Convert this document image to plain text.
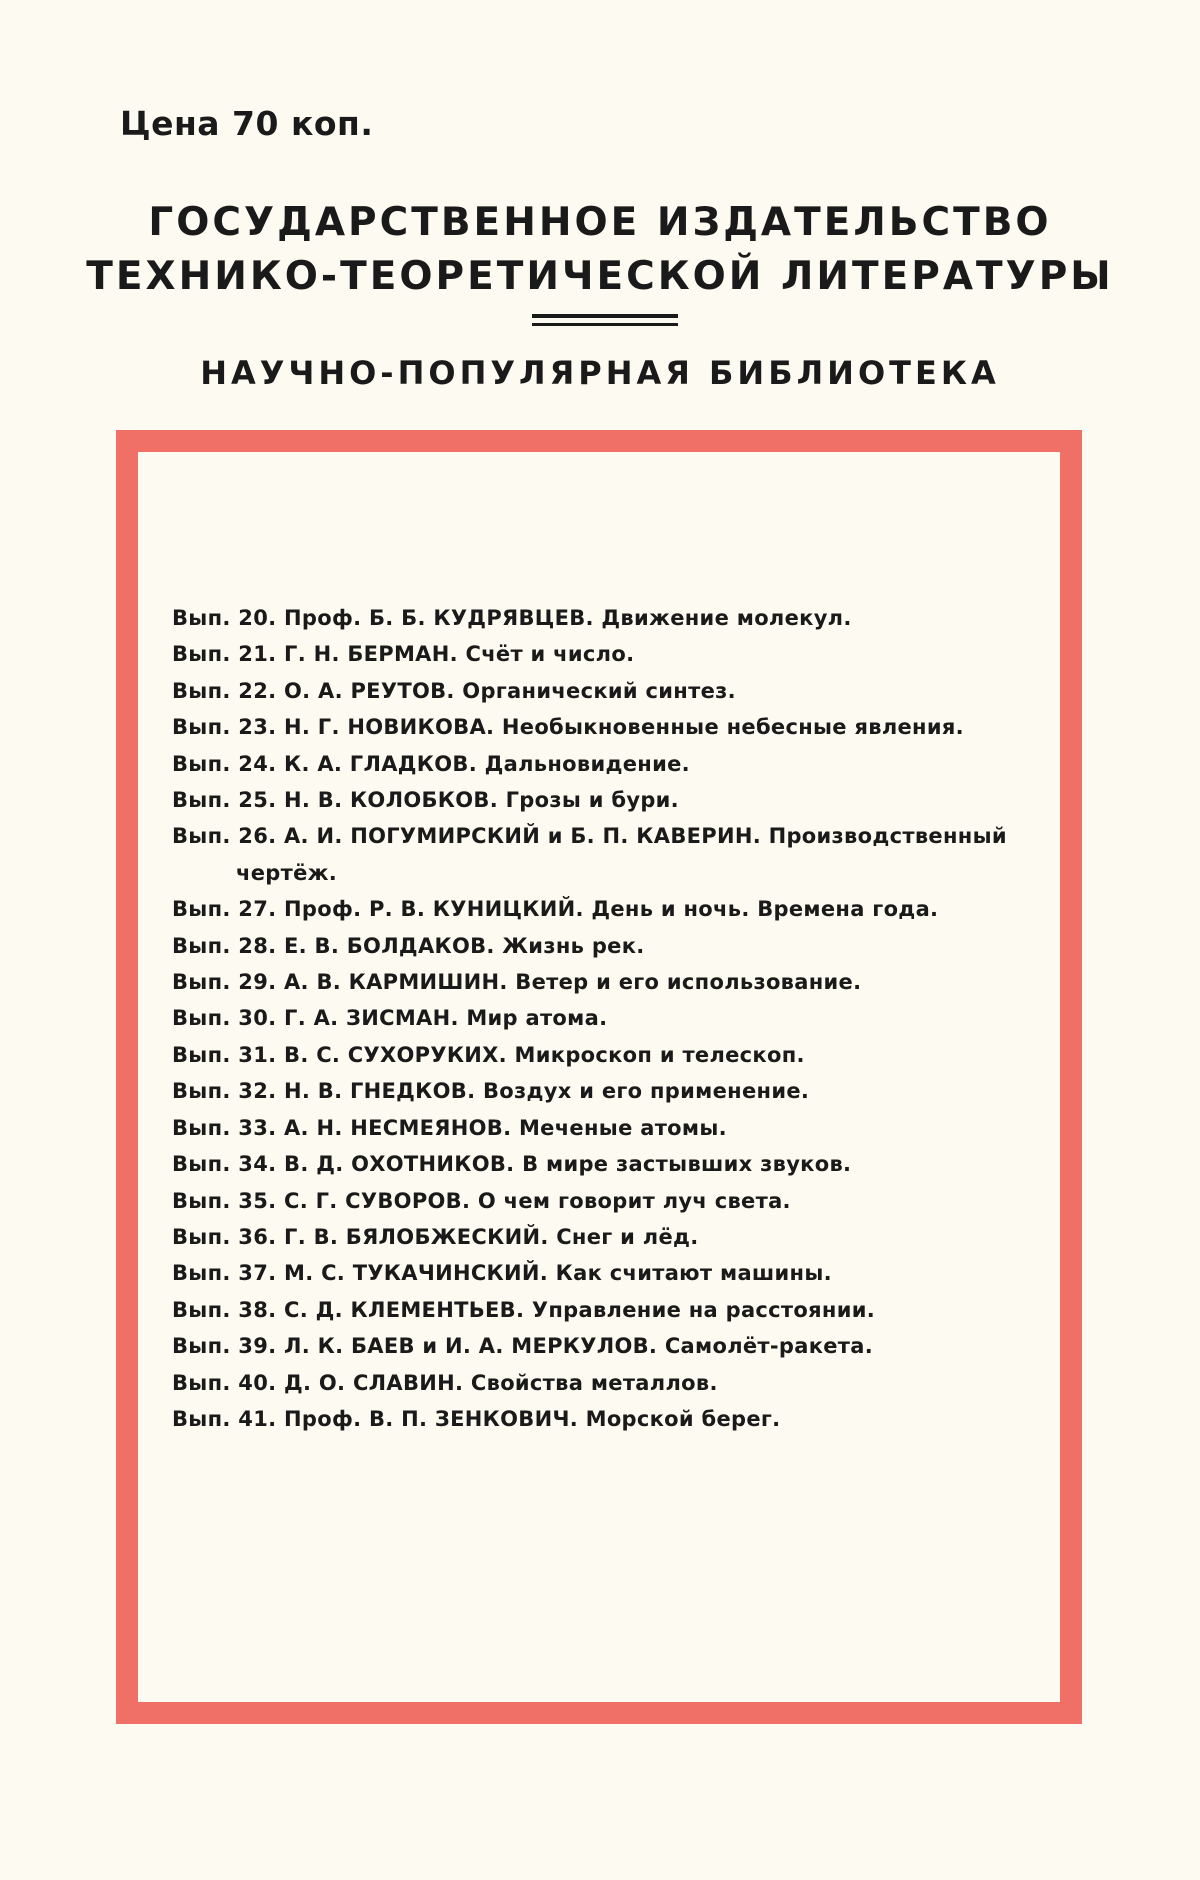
Цена 70 коп.
ГОСУДАРСТВЕННОЕ ИЗДАТЕЛЬСТВО
ТЕХНИКО-ТЕОРЕТИЧЕСКОЙ ЛИТЕРАТУРЫ
НАУЧНО-ПОПУЛЯРНАЯ БИБЛИОТЕКА
Вып. 20. Проф. Б. Б. КУДРЯВЦЕВ. Движение молекул.
Вып. 21. Г. Н. БЕРМАН. Счёт и число.
Вып. 22. О. А. РЕУТОВ. Органический синтез.
Вып. 23. Н. Г. НОВИКОВА. Необыкновенные небесные явления.
Вып. 24. К. А. ГЛАДКОВ. Дальновидение.
Вып. 25. Н. В. КОЛОБКОВ. Грозы и бури.
Вып. 26. А. И. ПОГУМИРСКИЙ и Б. П. КАВЕРИН. Производственный чертёж.
Вып. 27. Проф. Р. В. КУНИЦКИЙ. День и ночь. Времена года.
Вып. 28. Е. В. БОЛДАКОВ. Жизнь рек.
Вып. 29. А. В. КАРМИШИН. Ветер и его использование.
Вып. 30. Г. А. ЗИСМАН. Мир атома.
Вып. 31. В. С. СУХОРУКИХ. Микроскоп и телескоп.
Вып. 32. Н. В. ГНЕДКОВ. Воздух и его применение.
Вып. 33. А. Н. НЕСМЕЯНОВ. Меченые атомы.
Вып. 34. В. Д. ОХОТНИКОВ. В мире застывших звуков.
Вып. 35. С. Г. СУВОРОВ. О чем говорит луч света.
Вып. 36. Г. В. БЯЛОБЖЕСКИЙ. Снег и лёд.
Вып. 37. М. С. ТУКАЧИНСКИЙ. Как считают машины.
Вып. 38. С. Д. КЛЕМЕНТЬЕВ. Управление на расстоянии.
Вып. 39. Л. К. БАЕВ и И. А. МЕРКУЛОВ. Самолёт-ракета.
Вып. 40. Д. О. СЛАВИН. Свойства металлов.
Вып. 41. Проф. В. П. ЗЕНКОВИЧ. Морской берег.
